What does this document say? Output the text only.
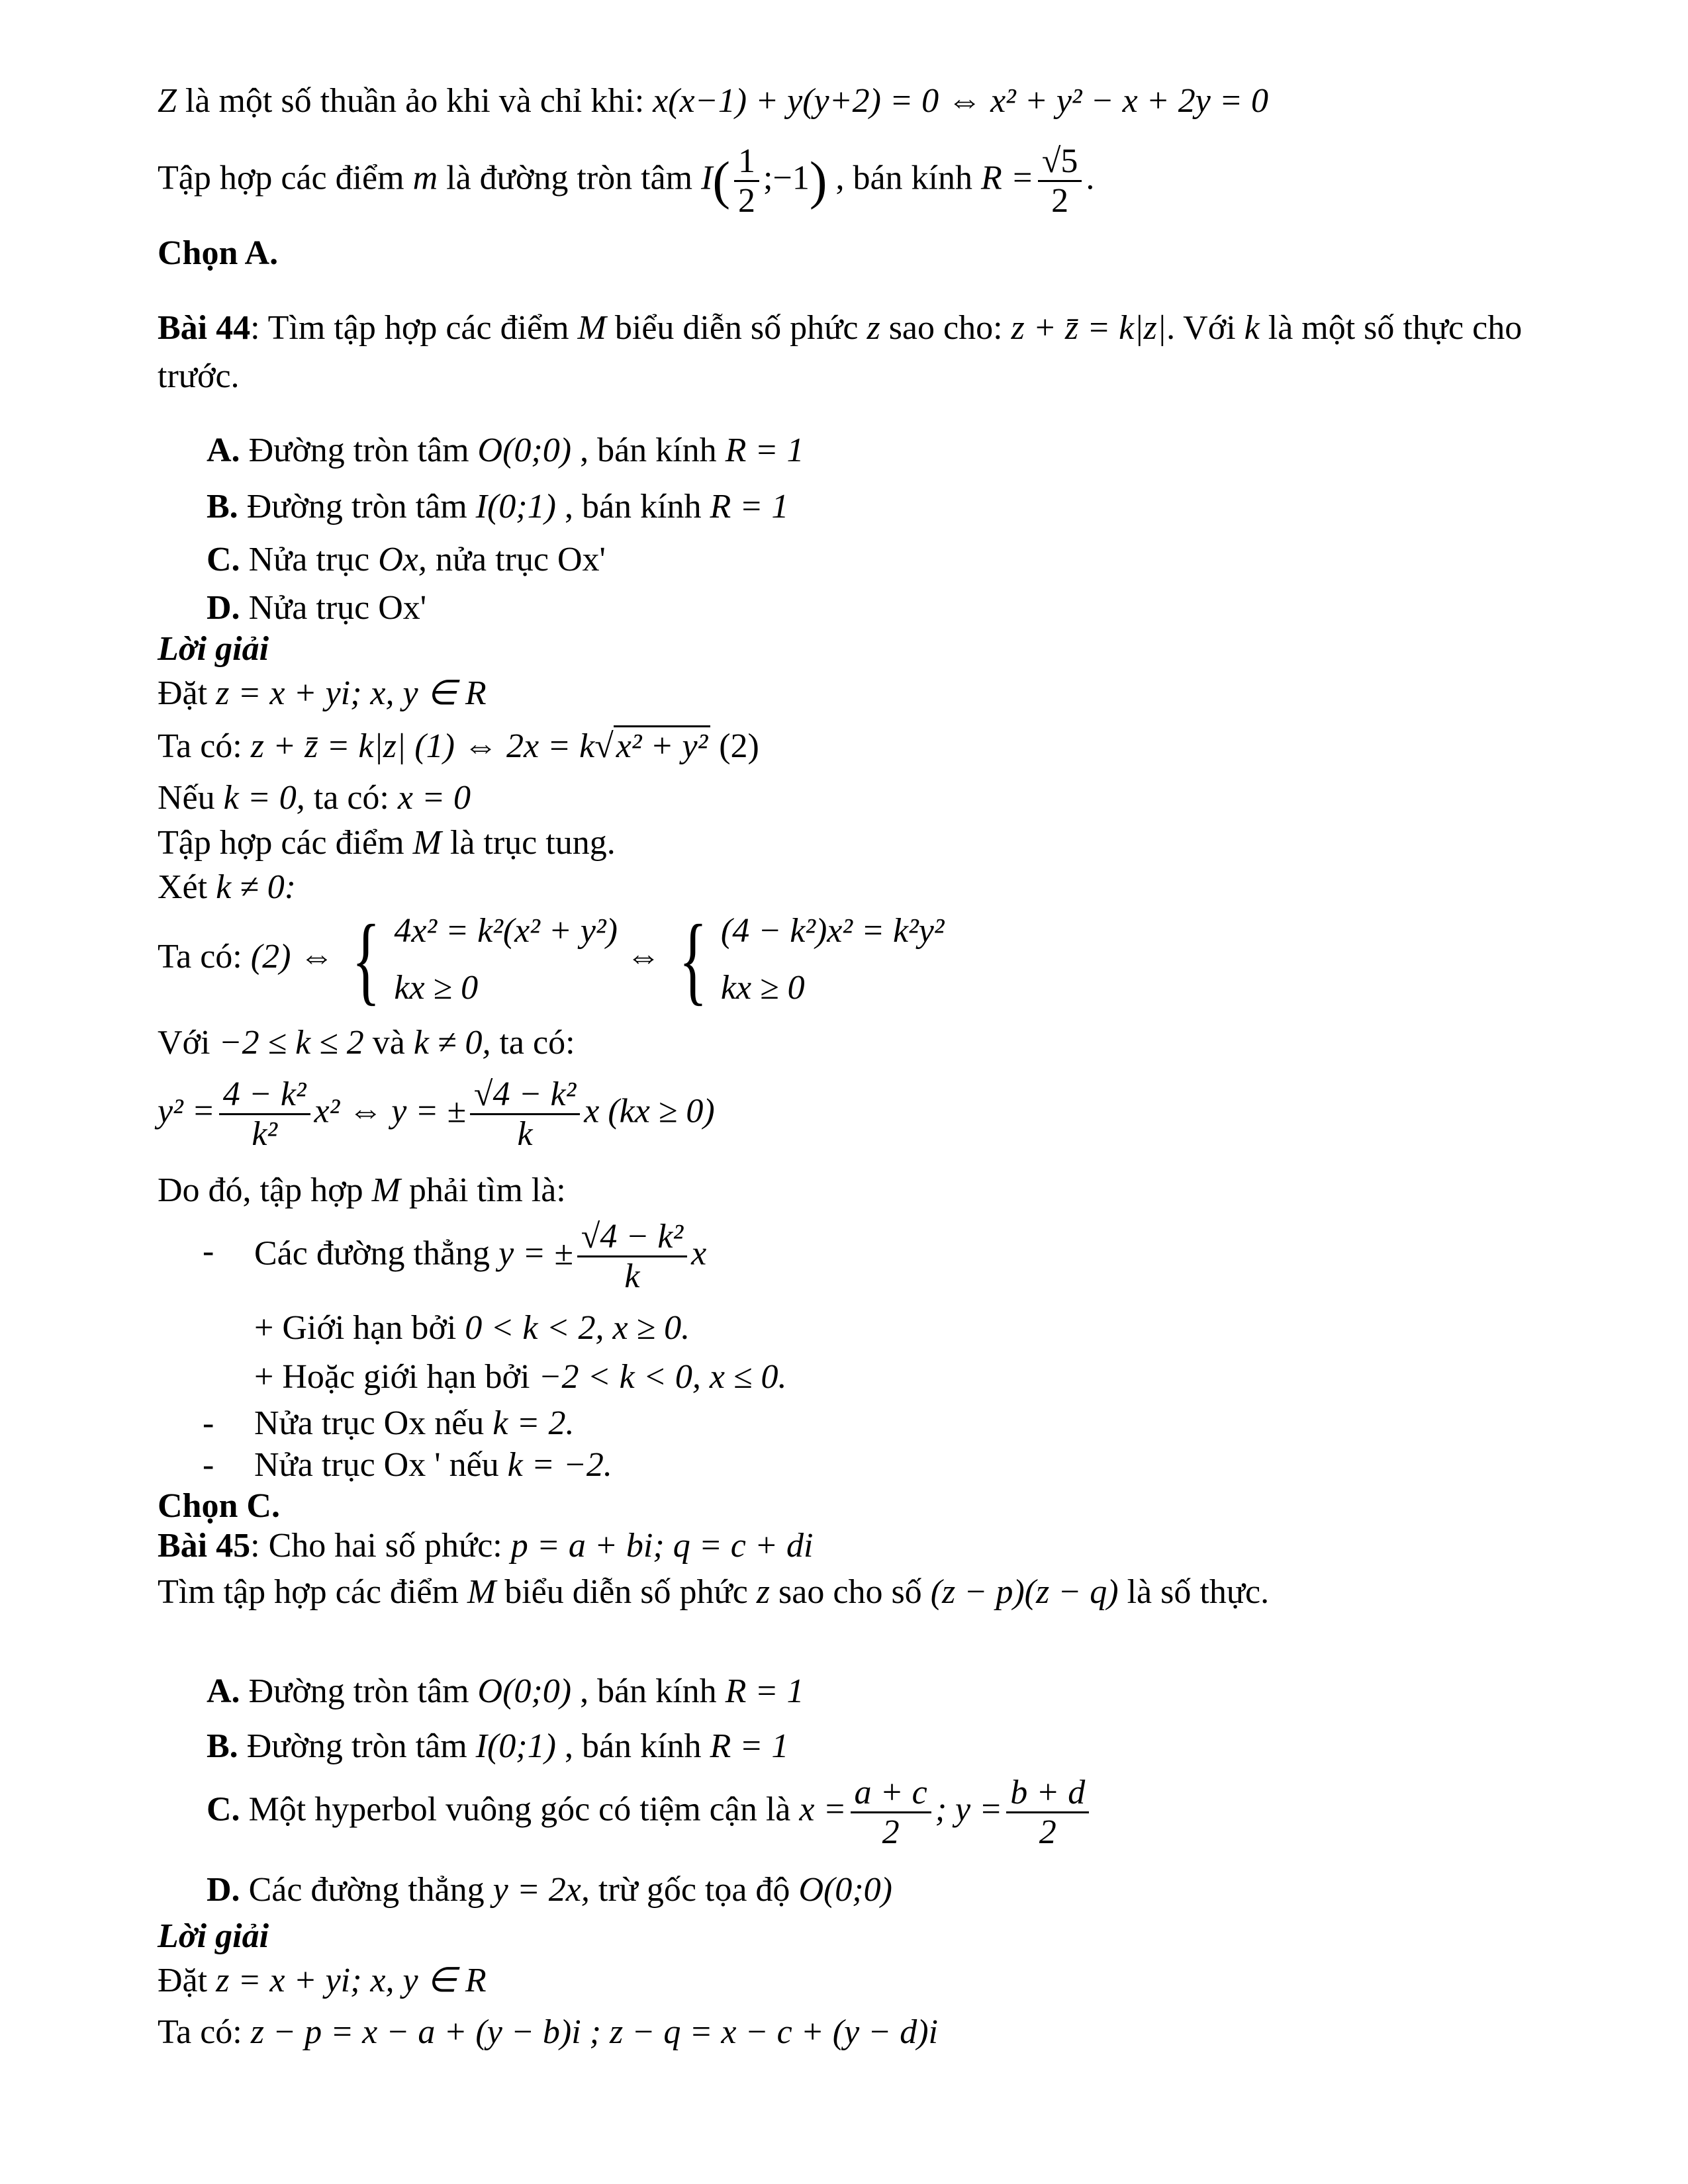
Z là một số thuần ảo khi và chỉ khi: x(x−1) + y(y+2) = 0 ⇔ x² + y² − x + 2y = 0
Tập hợp các điểm m là đường tròn tâm $I( \frac{1}{2}$ ;−1) , bán kính $R = \frac{√5}{2}$ .
Chọn A.
Bài 44: Tìm tập hợp các điểm M biểu diễn số phức z sao cho: z + z̄ = k|z|. Với k là một số thực cho
trước.
A. Đường tròn tâm O(0;0) , bán kính R = 1
B. Đường tròn tâm I(0;1) , bán kính R = 1
C. Nửa trục Ox, nửa trục Ox'
D. Nửa trục Ox'
Lời giải
Đặt z = x + yi; x, y ∈ R
Ta có: z + z̄ = k|z| (1) ⇔ 2x = k√x² + y² (2)
Nếu k = 0, ta có: x = 0
Tập hợp các điểm M là trục tung.
Xét k ≠ 0:
Ta có: (2) ⇔ { 4x² = k²(x² + y²)
kx ≥ 0
⇔ { (4 − k²)x² = k²y²
kx ≥ 0
Với −2 ≤ k ≤ 2 và k ≠ 0, ta có:
$y^2 = \frac{\text{4 − k²}}{\text{k²}} x^2$ ⇔ y = ± $\frac{\text{√4 − k²}}{k}$ x (kx ≥ 0)
Do đó, tập hợp M phải tìm là:
- Các đường thẳng y = ± $\frac{\text{√4 − k²}}{k}$ x
+ Giới hạn bởi 0 < k < 2, x ≥ 0.
+ Hoặc giới hạn bởi −2 < k < 0, x ≤ 0.
- Nửa trục Ox nếu k = 2.
- Nửa trục Ox ' nếu k = −2.
Chọn C.
Bài 45: Cho hai số phức: p = a + bi; q = c + di
Tìm tập hợp các điểm M biểu diễn số phức z sao cho số (z − p)(z − q) là số thực.
A. Đường tròn tâm O(0;0) , bán kính R = 1
B. Đường tròn tâm I(0;1) , bán kính R = 1
C. Một hyperbol vuông góc có tiệm cận là $x = \frac{a + c}{2}$ ; $y = \frac{b + d}{2}$
D. Các đường thẳng y = 2x, trừ gốc tọa độ O(0;0)
Lời giải
Đặt z = x + yi; x, y ∈ R
Ta có: z − p = x − a + (y − b)i ; z − q = x − c + (y − d)i
